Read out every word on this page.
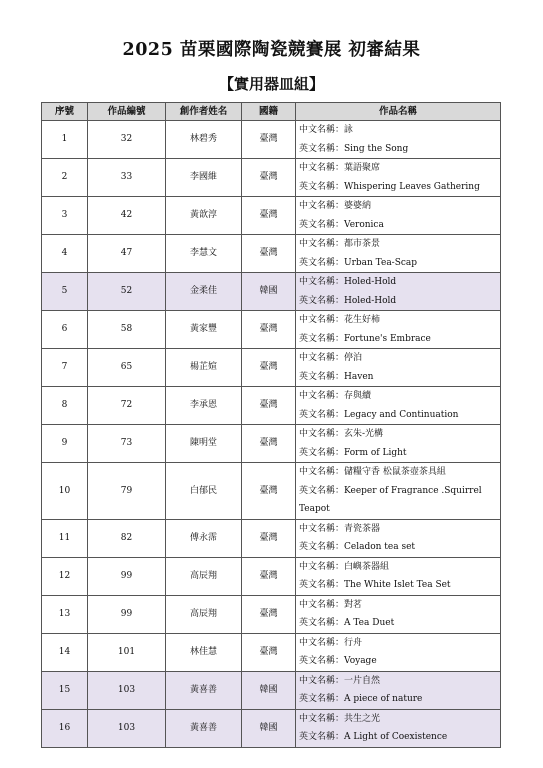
2025 苗栗國際陶瓷競賽展 初審結果
【實用器皿組】
序號	作品編號	創作者姓名	國籍	作品名稱
1	32	林碧秀	臺灣	中文名稱：詠
英文名稱：Sing the Song

2	33	李國維	臺灣	中文名稱：葉語聚席
英文名稱：Whispering Leaves Gathering

3	42	黃歆淳	臺灣	中文名稱：婆婆納
英文名稱：Veronica

4	47	李慧文	臺灣	中文名稱：都市茶景
英文名稱：Urban Tea-Scap

5	52	金柔佳	韓國	中文名稱：Holed-Hold
英文名稱：Holed-Hold

6	58	黃家豐	臺灣	中文名稱：花生好柿
英文名稱：Fortune's Embrace

7	65	楊芷媗	臺灣	中文名稱：停泊
英文名稱：Haven

8	72	李承恩	臺灣	中文名稱：存與續
英文名稱：Legacy and Continuation

9	73	陳明堂	臺灣	中文名稱：玄朱-光構
英文名稱：Form of Light

10	79	白郁民	臺灣	中文名稱：儲糧守香 松鼠茶壺茶具組
英文名稱：Keeper of Fragrance .Squirrel Teapot

11	82	傅永霈	臺灣	中文名稱：青瓷茶器
英文名稱：Celadon tea set

12	99	高辰翔	臺灣	中文名稱：白嶼茶器組
英文名稱：The White Islet Tea Set

13	99	高辰翔	臺灣	中文名稱：對茗
英文名稱：A Tea Duet

14	101	林佳慧	臺灣	中文名稱：行舟
英文名稱：Voyage

15	103	黃喜善	韓國	中文名稱：一片自然
英文名稱：A piece of nature

16	103	黃喜善	韓國	中文名稱：共生之光
英文名稱：A Light of Coexistence
